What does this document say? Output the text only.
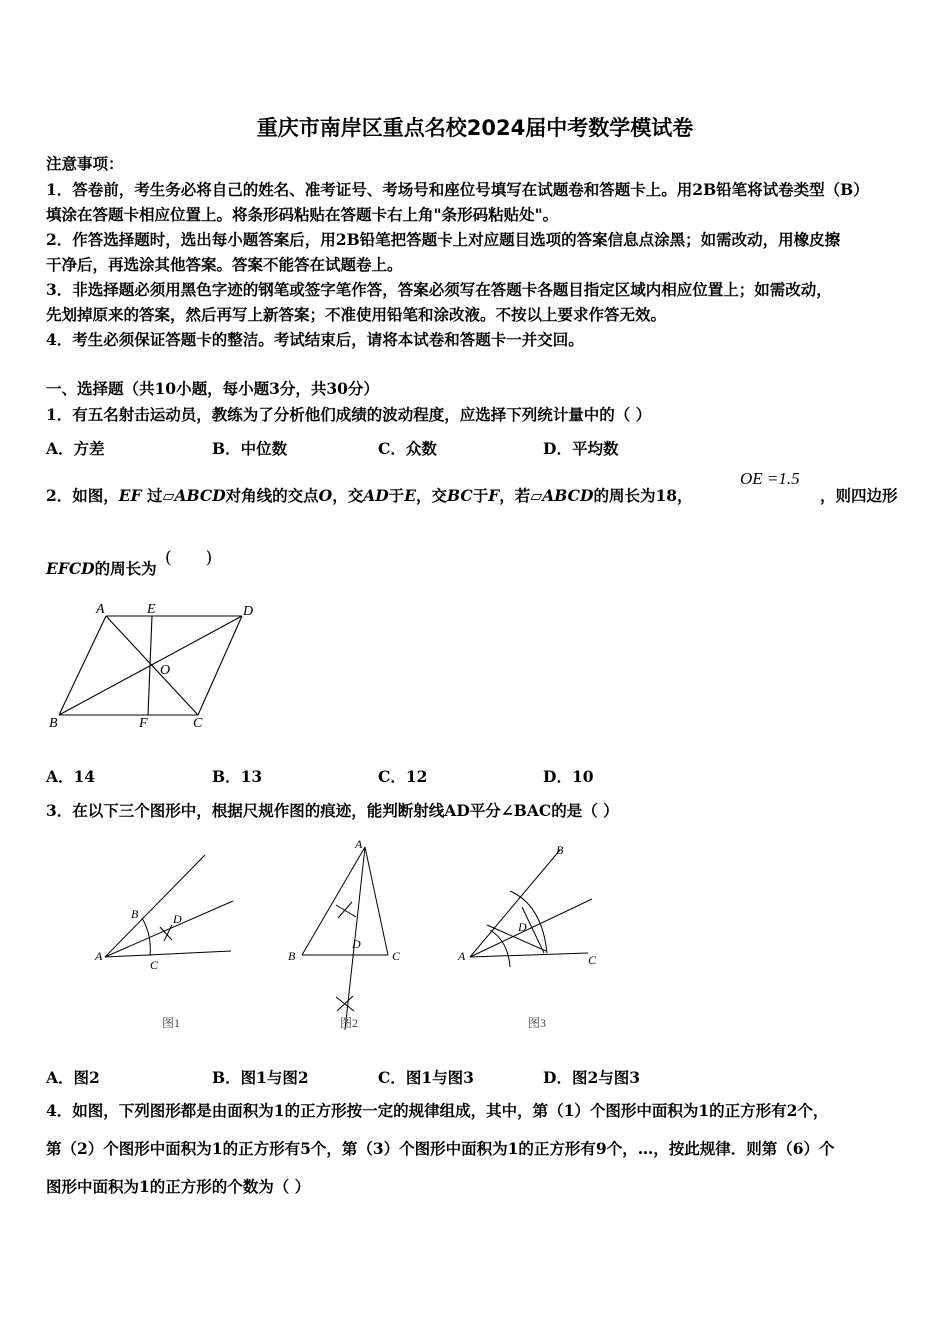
重庆市南岸区重点名校2024届中考数学模试卷
注意事项：
1．答卷前，考生务必将自己的姓名、准考证号、考场号和座位号填写在试题卷和答题卡上。用2B铅笔将试卷类型（B）
填涂在答题卡相应位置上。将条形码粘贴在答题卡右上角"条形码粘贴处"。
2．作答选择题时，选出每小题答案后，用2B铅笔把答题卡上对应题目选项的答案信息点涂黑；如需改动，用橡皮擦
干净后，再选涂其他答案。答案不能答在试题卷上。
3．非选择题必须用黑色字迹的钢笔或签字笔作答，答案必须写在答题卡各题目指定区域内相应位置上；如需改动，
先划掉原来的答案，然后再写上新答案；不准使用铅笔和涂改液。不按以上要求作答无效。
4．考生必须保证答题卡的整洁。考试结束后，请将本试卷和答题卡一并交回。
一、选择题（共10小题，每小题3分，共30分）
1．有五名射击运动员，教练为了分析他们成绩的波动程度，应选择下列统计量中的（ ）
A．方差	B．中位数	C．众数	D．平均数
2．如图，EF 过▱ABCD对角线的交点O，交AD于E，交BC于F，若▱ABCD的周长为18，
OE =1.5
，则四边形
EFCD的周长为
(　　)
A	E	D
O
B	F	C
A．14	B．13	C．12	D．10
3．在以下三个图形中，根据尺规作图的痕迹，能判断射线AD平分∠BAC的是（ ）
A
B
C
D
图1
A
B	C
D
图2
A
B
C
D
图3
A．图2	B．图1与图2	C．图1与图3	D．图2与图3
4．如图，下列图形都是由面积为1的正方形按一定的规律组成，其中，第（1）个图形中面积为1的正方形有2个，
第（2）个图形中面积为1的正方形有5个，第（3）个图形中面积为1的正方形有9个，…，按此规律．则第（6）个
图形中面积为1的正方形的个数为（ ）
